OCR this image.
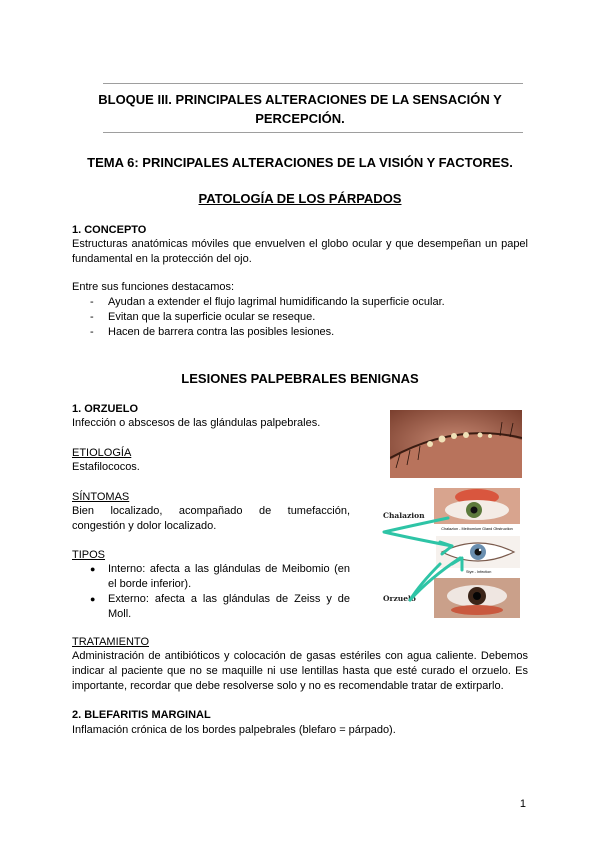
BLOQUE III. PRINCIPALES ALTERACIONES DE LA SENSACIÓN Y
PERCEPCIÓN.
TEMA 6: PRINCIPALES ALTERACIONES DE LA VISIÓN Y FACTORES.
PATOLOGÍA DE LOS PÁRPADOS
1. CONCEPTO
Estructuras anatómicas móviles que envuelven el globo ocular y que desempeñan un papel fundamental en la protección del ojo.
Entre sus funciones destacamos:
- Ayudan a extender el flujo lagrimal humidificando la superficie ocular.
- Evitan que la superficie ocular se reseque.
- Hacen de barrera contra las posibles lesiones.
LESIONES PALPEBRALES BENIGNAS
1. ORZUELO
Infección o abscesos de las glándulas palpebrales.
ETIOLOGÍA
Estafilococos.
SÍNTOMAS
Bien localizado, acompañado de tumefacción, congestión y dolor localizado.
TIPOS
● Interno: afecta a las glándulas de Meibomio (en el borde inferior).
● Externo: afecta a las glándulas de Zeiss y de Moll.
TRATAMIENTO
Administración de antibióticos y colocación de gasas estériles con agua caliente. Debemos indicar al paciente que no se maquille ni use lentillas hasta que esté curado el orzuelo. Es importante, recordar que debe resolverse solo y no es recomendable tratar de extirparlo.
2. BLEFARITIS MARGINAL
Inflamación crónica de los bordes palpebrales (blefaro = párpado).
Chalazion - Meibomium Gland Obstruction
Stye - Infection
Chalazion
Orzuelo
1
